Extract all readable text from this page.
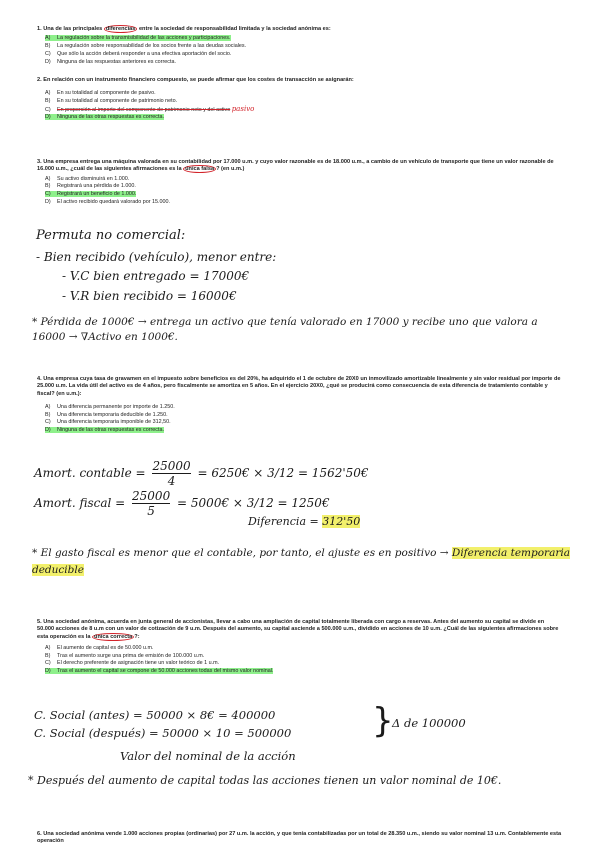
1. Una de las principales diferencias entre la sociedad de responsabilidad limitada y la sociedad anónima es:
A) La regulación sobre la transmisibilidad de las acciones y participaciones.
B) La regulación sobre responsabilidad de los socios frente a las deudas sociales.
C) Que sólo la acción deberá responder a una efectiva aportación del socio.
D) Ninguna de las respuestas anteriores es correcta.
2. En relación con un instrumento financiero compuesto, se puede afirmar que los costes de transacción se asignarán:
A) En su totalidad al componente de pasivo.
B) En su totalidad al componente de patrimonio neto.
C) En proporción al importe del componente de patrimonio neto y del activo pasivo
D) Ninguna de las otras respuestas es correcta.
3. Una empresa entrega una máquina valorada en su contabilidad por 17.000 u.m. y cuyo valor razonable es de 18.000 u.m., a cambio de un vehículo de transporte que tiene un valor razonable de 16.000 u.m., ¿cuál de las siguientes afirmaciones es la única falsa ? (en u.m.)
A) Su activo disminuirá en 1.000.
B) Registrará una pérdida de 1.000.
C) Registrará un beneficio de 1.000.
D) El activo recibido quedará valorado por 15.000.
Permuta no comercial:
- Bien recibido (vehículo), menor entre:
- V.C bien entregado = 17000€
- V.R bien recibido = 16000€
* Pérdida de 1000€ → entrega un activo que tenía valorado en 17000 y recibe uno que valora a 16000 → ∇Activo en 1000€.
4. Una empresa cuya tasa de gravamen en el impuesto sobre beneficios es del 20%, ha adquirido el 1 de octubre de 20X0 un inmovilizado amortizable linealmente y sin valor residual por importe de 25.000 u.m. La vida útil del activo es de 4 años, pero fiscalmente se amortiza en 5 años. En el ejercicio 20X0, ¿qué se producirá como consecuencia de esta diferencia de tratamiento contable y fiscal? (en u.m.):
A) Una diferencia permanente por importe de 1.250.
B) Una diferencia temporaria deducible de 1.250.
C) Una diferencia temporaria imponible de 312,50.
D) Ninguna de las otras respuestas es correcta.
Amort. contable = $\frac{25000}{4}$ = 6250€ × 3/12 = 1562'50€
Amort. fiscal = $\frac{25000}{5}$ = 5000€ × 3/12 = 1250€
Diferencia = 312'50
* El gasto fiscal es menor que el contable, por tanto, el ajuste es en positivo → Diferencia temporaria deducible
5. Una sociedad anónima, acuerda en junta general de accionistas, llevar a cabo una ampliación de capital totalmente liberada con cargo a reservas. Antes del aumento su capital se divide en 50.000 acciones de 8 u.m con un valor de cotización de 9 u.m. Después del aumento, su capital asciende a 500.000 u.m., dividido en acciones de 10 u.m. ¿Cuál de las siguientes afirmaciones sobre esta operación es la única correcta ?:
A) El aumento de capital es de 50.000 u.m.
B) Tras el aumento surge una prima de emisión de 100.000 u.m.
C) El derecho preferente de asignación tiene un valor teórico de 1 u.m.
D) Tras el aumento el capital se compone de 50.000 acciones todas del mismo valor nominal.
C. Social (antes) = 50000 × 8€ = 400000
C. Social (después) = 50000 × 10 = 500000 }
Δ de 100000
Valor del nominal de la acción
* Después del aumento de capital todas las acciones tienen un valor nominal de 10€.
6. Una sociedad anónima vende 1.000 acciones propias (ordinarias) por 27 u.m. la acción, y que tenía contabilizadas por un total de 28.350 u.m., siendo su valor nominal 13 u.m. Contablemente esta operación
